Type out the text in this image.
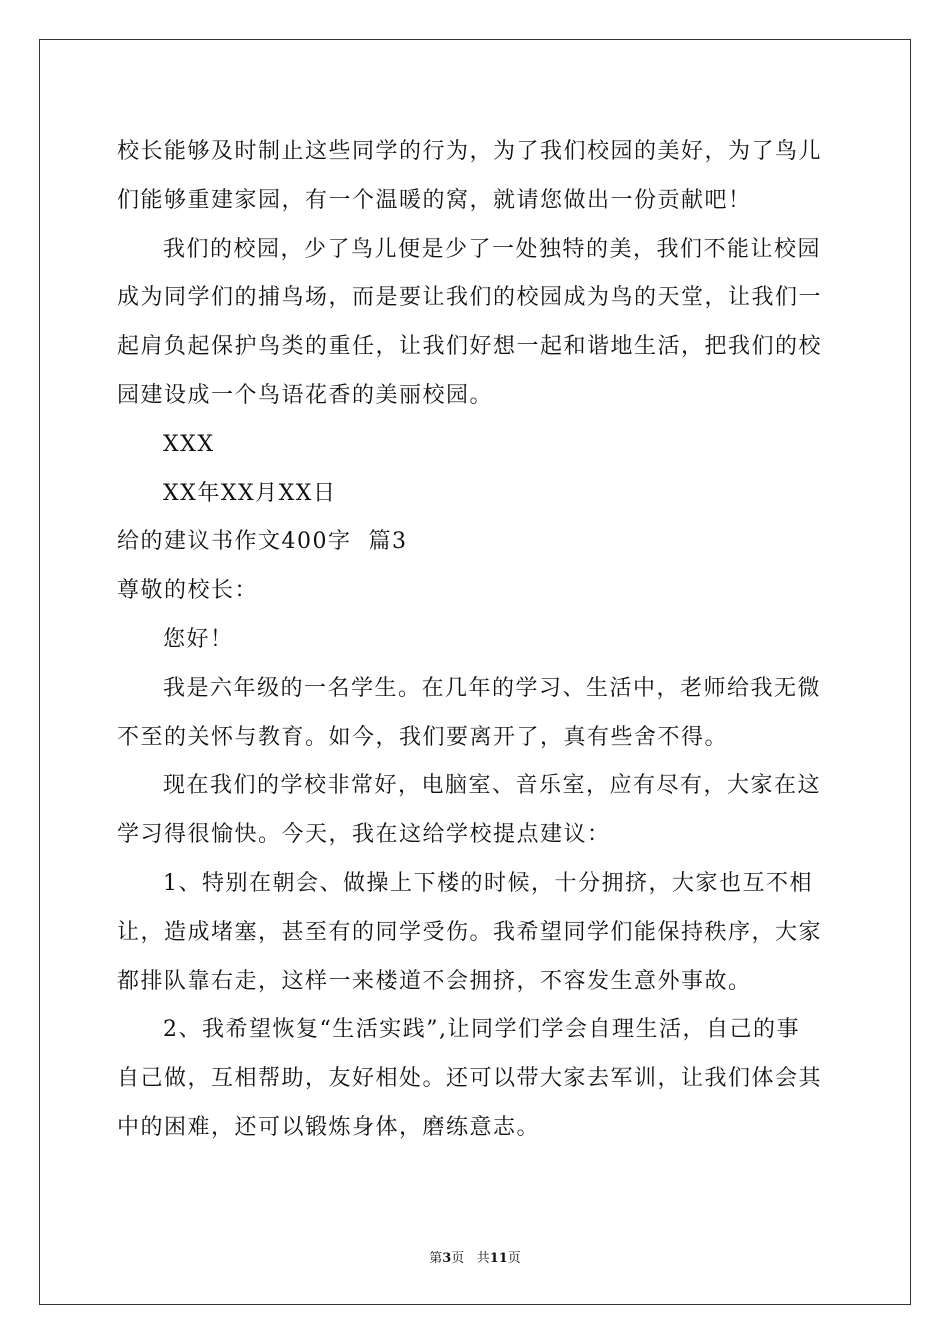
校长能够及时制止这些同学的行为，为了我们校园的美好，为了鸟儿
们能够重建家园，有一个温暖的窝，就请您做出一份贡献吧！
我们的校园，少了鸟儿便是少了一处独特的美，我们不能让校园
成为同学们的捕鸟场，而是要让我们的校园成为鸟的天堂，让我们一
起肩负起保护鸟类的重任，让我们好想一起和谐地生活，把我们的校
园建设成一个鸟语花香的美丽校园。
XXX
XX年XX月XX日
给的建议书作文400字  篇3
尊敬的校长：
您好！
我是六年级的一名学生。在几年的学习、生活中，老师给我无微
不至的关怀与教育。如今，我们要离开了，真有些舍不得。
现在我们的学校非常好，电脑室、音乐室，应有尽有，大家在这
学习得很愉快。今天，我在这给学校提点建议：
1、特别在朝会、做操上下楼的时候，十分拥挤，大家也互不相
让，造成堵塞，甚至有的同学受伤。我希望同学们能保持秩序，大家
都排队靠右走，这样一来楼道不会拥挤，不容发生意外事故。
2、我希望恢复“生活实践”,让同学们学会自理生活，自己的事
自己做，互相帮助，友好相处。还可以带大家去军训，让我们体会其
中的困难，还可以锻炼身体，磨练意志。
第3页 共11页
